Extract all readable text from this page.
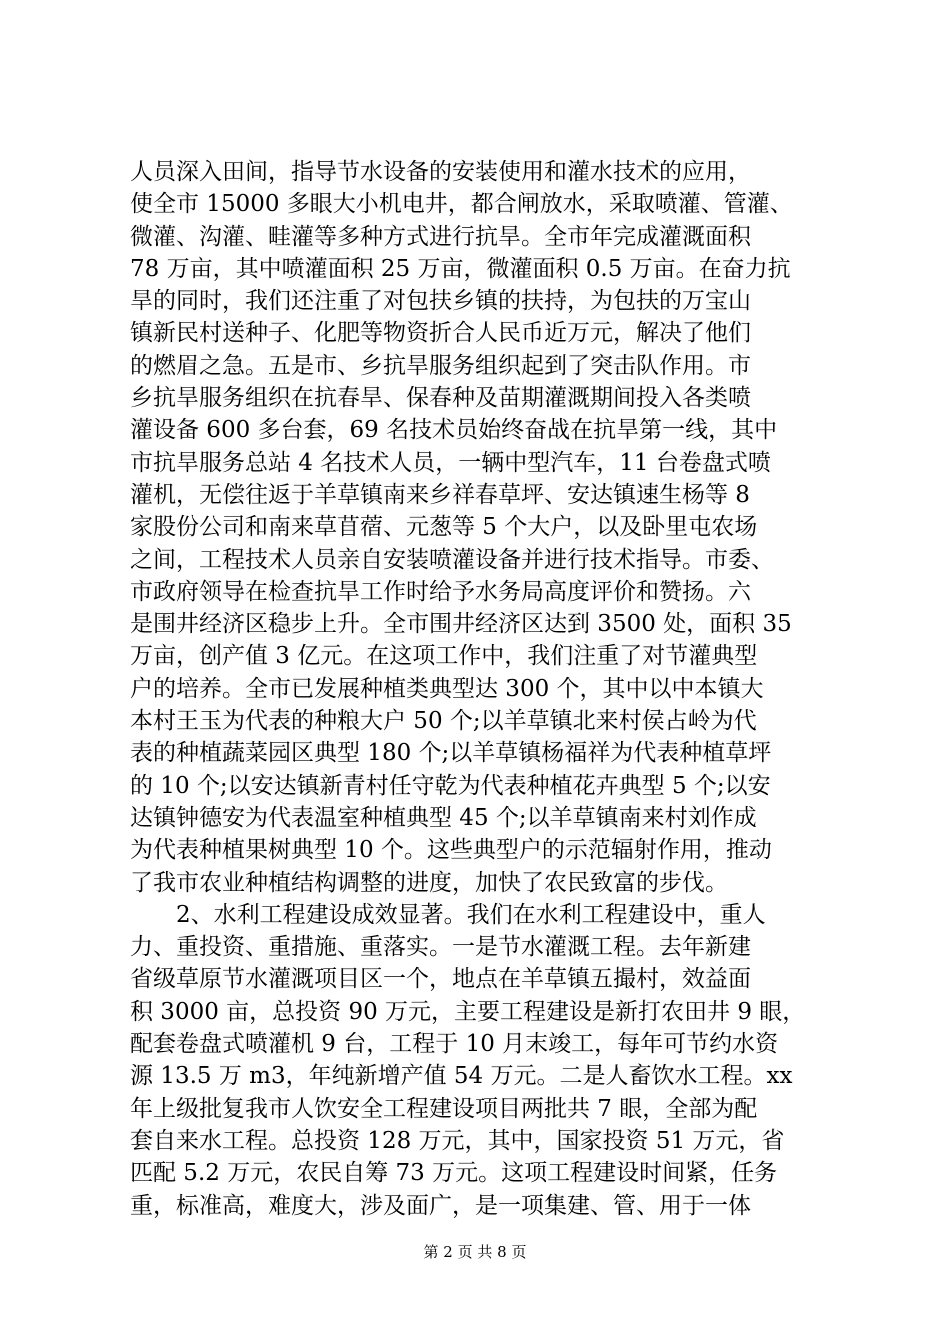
人员深入田间，指导节水设备的安装使用和灌水技术的应用，
使全市 15000 多眼大小机电井，都合闸放水，采取喷灌、管灌、
微灌、沟灌、畦灌等多种方式进行抗旱。全市年完成灌溉面积
78 万亩，其中喷灌面积 25 万亩，微灌面积 0.5 万亩。在奋力抗
旱的同时，我们还注重了对包扶乡镇的扶持，为包扶的万宝山
镇新民村送种子、化肥等物资折合人民币近万元，解决了他们
的燃眉之急。五是市、乡抗旱服务组织起到了突击队作用。市
乡抗旱服务组织在抗春旱、保春种及苗期灌溉期间投入各类喷
灌设备 600 多台套，69 名技术员始终奋战在抗旱第一线，其中
市抗旱服务总站 4 名技术人员，一辆中型汽车，11 台卷盘式喷
灌机，无偿往返于羊草镇南来乡祥春草坪、安达镇速生杨等 8
家股份公司和南来草苜蓿、元葱等 5 个大户，以及卧里屯农场
之间，工程技术人员亲自安装喷灌设备并进行技术指导。市委、
市政府领导在检查抗旱工作时给予水务局高度评价和赞扬。六
是围井经济区稳步上升。全市围井经济区达到 3500 处，面积 35
万亩，创产值 3 亿元。在这项工作中，我们注重了对节灌典型
户的培养。全市已发展种植类典型达 300 个，其中以中本镇大
本村王玉为代表的种粮大户 50 个;以羊草镇北来村侯占岭为代
表的种植蔬菜园区典型 180 个;以羊草镇杨福祥为代表种植草坪
的 10 个;以安达镇新青村任守乾为代表种植花卉典型 5 个;以安
达镇钟德安为代表温室种植典型 45 个;以羊草镇南来村刘作成
为代表种植果树典型 10 个。这些典型户的示范辐射作用，推动
了我市农业种植结构调整的进度，加快了农民致富的步伐。
2、水利工程建设成效显著。我们在水利工程建设中，重人
力、重投资、重措施、重落实。一是节水灌溉工程。去年新建
省级草原节水灌溉项目区一个，地点在羊草镇五撮村，效益面
积 3000 亩，总投资 90 万元，主要工程建设是新打农田井 9 眼，
配套卷盘式喷灌机 9 台，工程于 10 月末竣工，每年可节约水资
源 13.5 万 m3，年纯新增产值 54 万元。二是人畜饮水工程。xx
年上级批复我市人饮安全工程建设项目两批共 7 眼，全部为配
套自来水工程。总投资 128 万元，其中，国家投资 51 万元，省
匹配 5.2 万元，农民自筹 73 万元。这项工程建设时间紧，任务
重，标准高，难度大，涉及面广，是一项集建、管、用于一体
第 2 页 共 8 页
